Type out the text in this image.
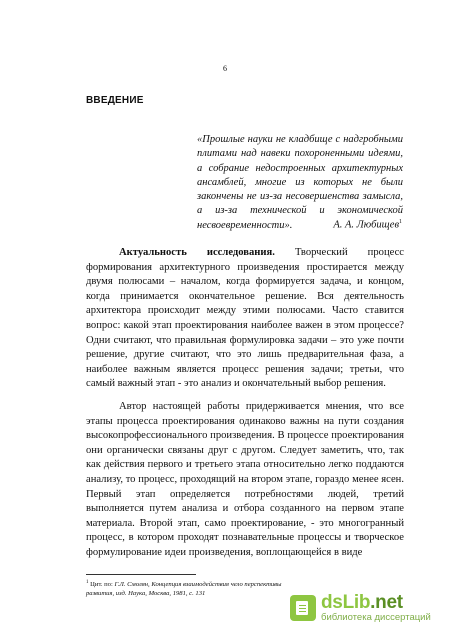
6

ВВЕДЕНИЕ

«Прошлые науки не кладбище с надгробными плитами над навеки похороненными идеями, а собрание недостроенных архитектурных ансамблей, многие из которых не были закончены не из-за несовершенства замысла, а из-за технической и экономической несвоевременности».	А. А. Любищев$^1$

Актуальность исследования. Творческий процесс формирования архитектурного произведения простирается между двумя полюсами – началом, когда формируется задача, и концом, когда принимается окончательное решение. Вся деятельность архитектора происходит между этими полюсами. Часто ставится вопрос: какой этап проектирования наиболее важен в этом процессе? Одни считают, что правильная формулировка задачи – это уже почти решение, другие считают, что это лишь предварительная фаза, а наиболее важным является процесс решения задачи; третьи, что самый важный этап - это анализ и окончательный выбор решения.

Автор настоящей работы придерживается мнения, что все этапы процесса проектирования одинаково важны на пути создания высокопрофессионального произведения. В процессе проектирования они органически связаны друг с другом. Следует заметить, что, так как действия первого и третьего этапа относительно легко поддаются анализу, то процесс, проходящий на втором этапе, гораздо менее ясен. Первый этап определяется потребностями людей, третий выполняется путем анализа и отбора созданного на первом этапе материала. Второй этап, само проектирование, - это многогранный процесс, в котором проходят познавательные процессы и творческое формулирование идеи произведения, воплощающейся в виде

$^1$ Цит. по: Г.Л. Смолян, Концепция взаимодействия чело перспективы развития, изд. Наука, Москва, 1981, с. 131	dsLib.net
библиотека диссертаций
